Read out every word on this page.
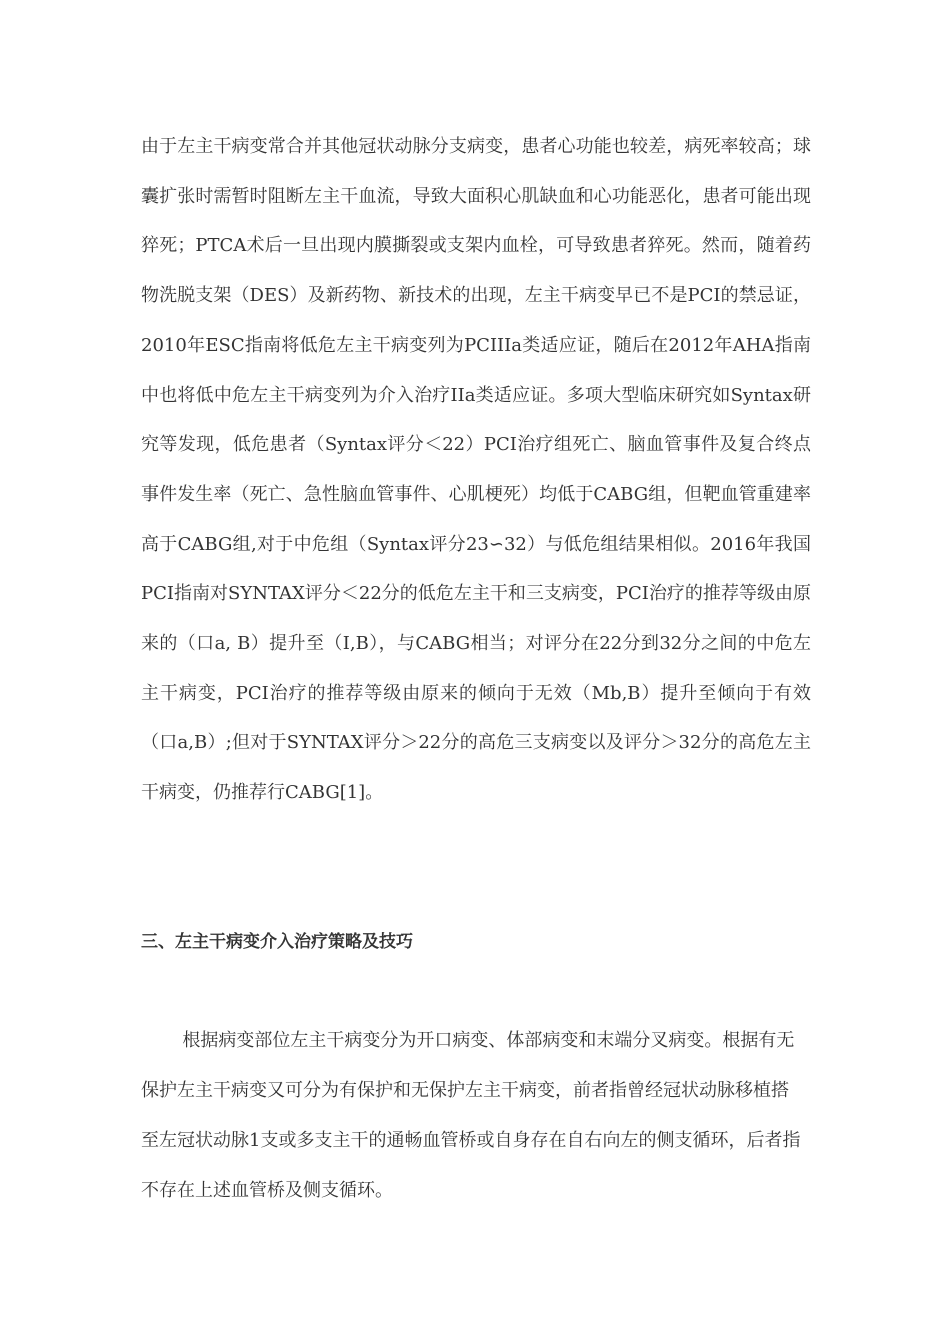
由于左主干病变常合并其他冠状动脉分支病变，患者心功能也较差，病死率较高；球囊扩张时需暂时阻断左主干血流，导致大面积心肌缺血和心功能恶化，患者可能出现猝死；PTCA术后一旦出现内膜撕裂或支架内血栓，可导致患者猝死。然而，随着药物洗脱支架（DES）及新药物、新技术的出现，左主干病变早已不是PCI的禁忌证，2010年ESC指南将低危左主干病变列为PCIIIa类适应证，随后在2012年AHA指南中也将低中危左主干病变列为介入治疗IIa类适应证。多项大型临床研究如Syntax研究等发现，低危患者（Syntax评分＜22）PCI治疗组死亡、脑血管事件及复合终点事件发生率（死亡、急性脑血管事件、心肌梗死）均低于CABG组，但靶血管重建率高于CABG组,对于中危组（Syntax评分23∽32）与低危组结果相似。2016年我国PCI指南对SYNTAX评分＜22分的低危左主干和三支病变，PCI治疗的推荐等级由原来的（口a, B）提升至（I,B），与CABG相当；对评分在22分到32分之间的中危左主干病变，PCI治疗的推荐等级由原来的倾向于无效（Mb,B）提升至倾向于有效（口a,B）;但对于SYNTAX评分＞22分的高危三支病变以及评分＞32分的高危左主干病变，仍推荐行CABG[1]。

三、左主干病变介入治疗策略及技巧

根据病变部位左主干病变分为开口病变、体部病变和末端分叉病变。根据有无保护左主干病变又可分为有保护和无保护左主干病变，前者指曾经冠状动脉移植搭至左冠状动脉1支或多支主干的通畅血管桥或自身存在自右向左的侧支循环，后者指不存在上述血管桥及侧支循环。
